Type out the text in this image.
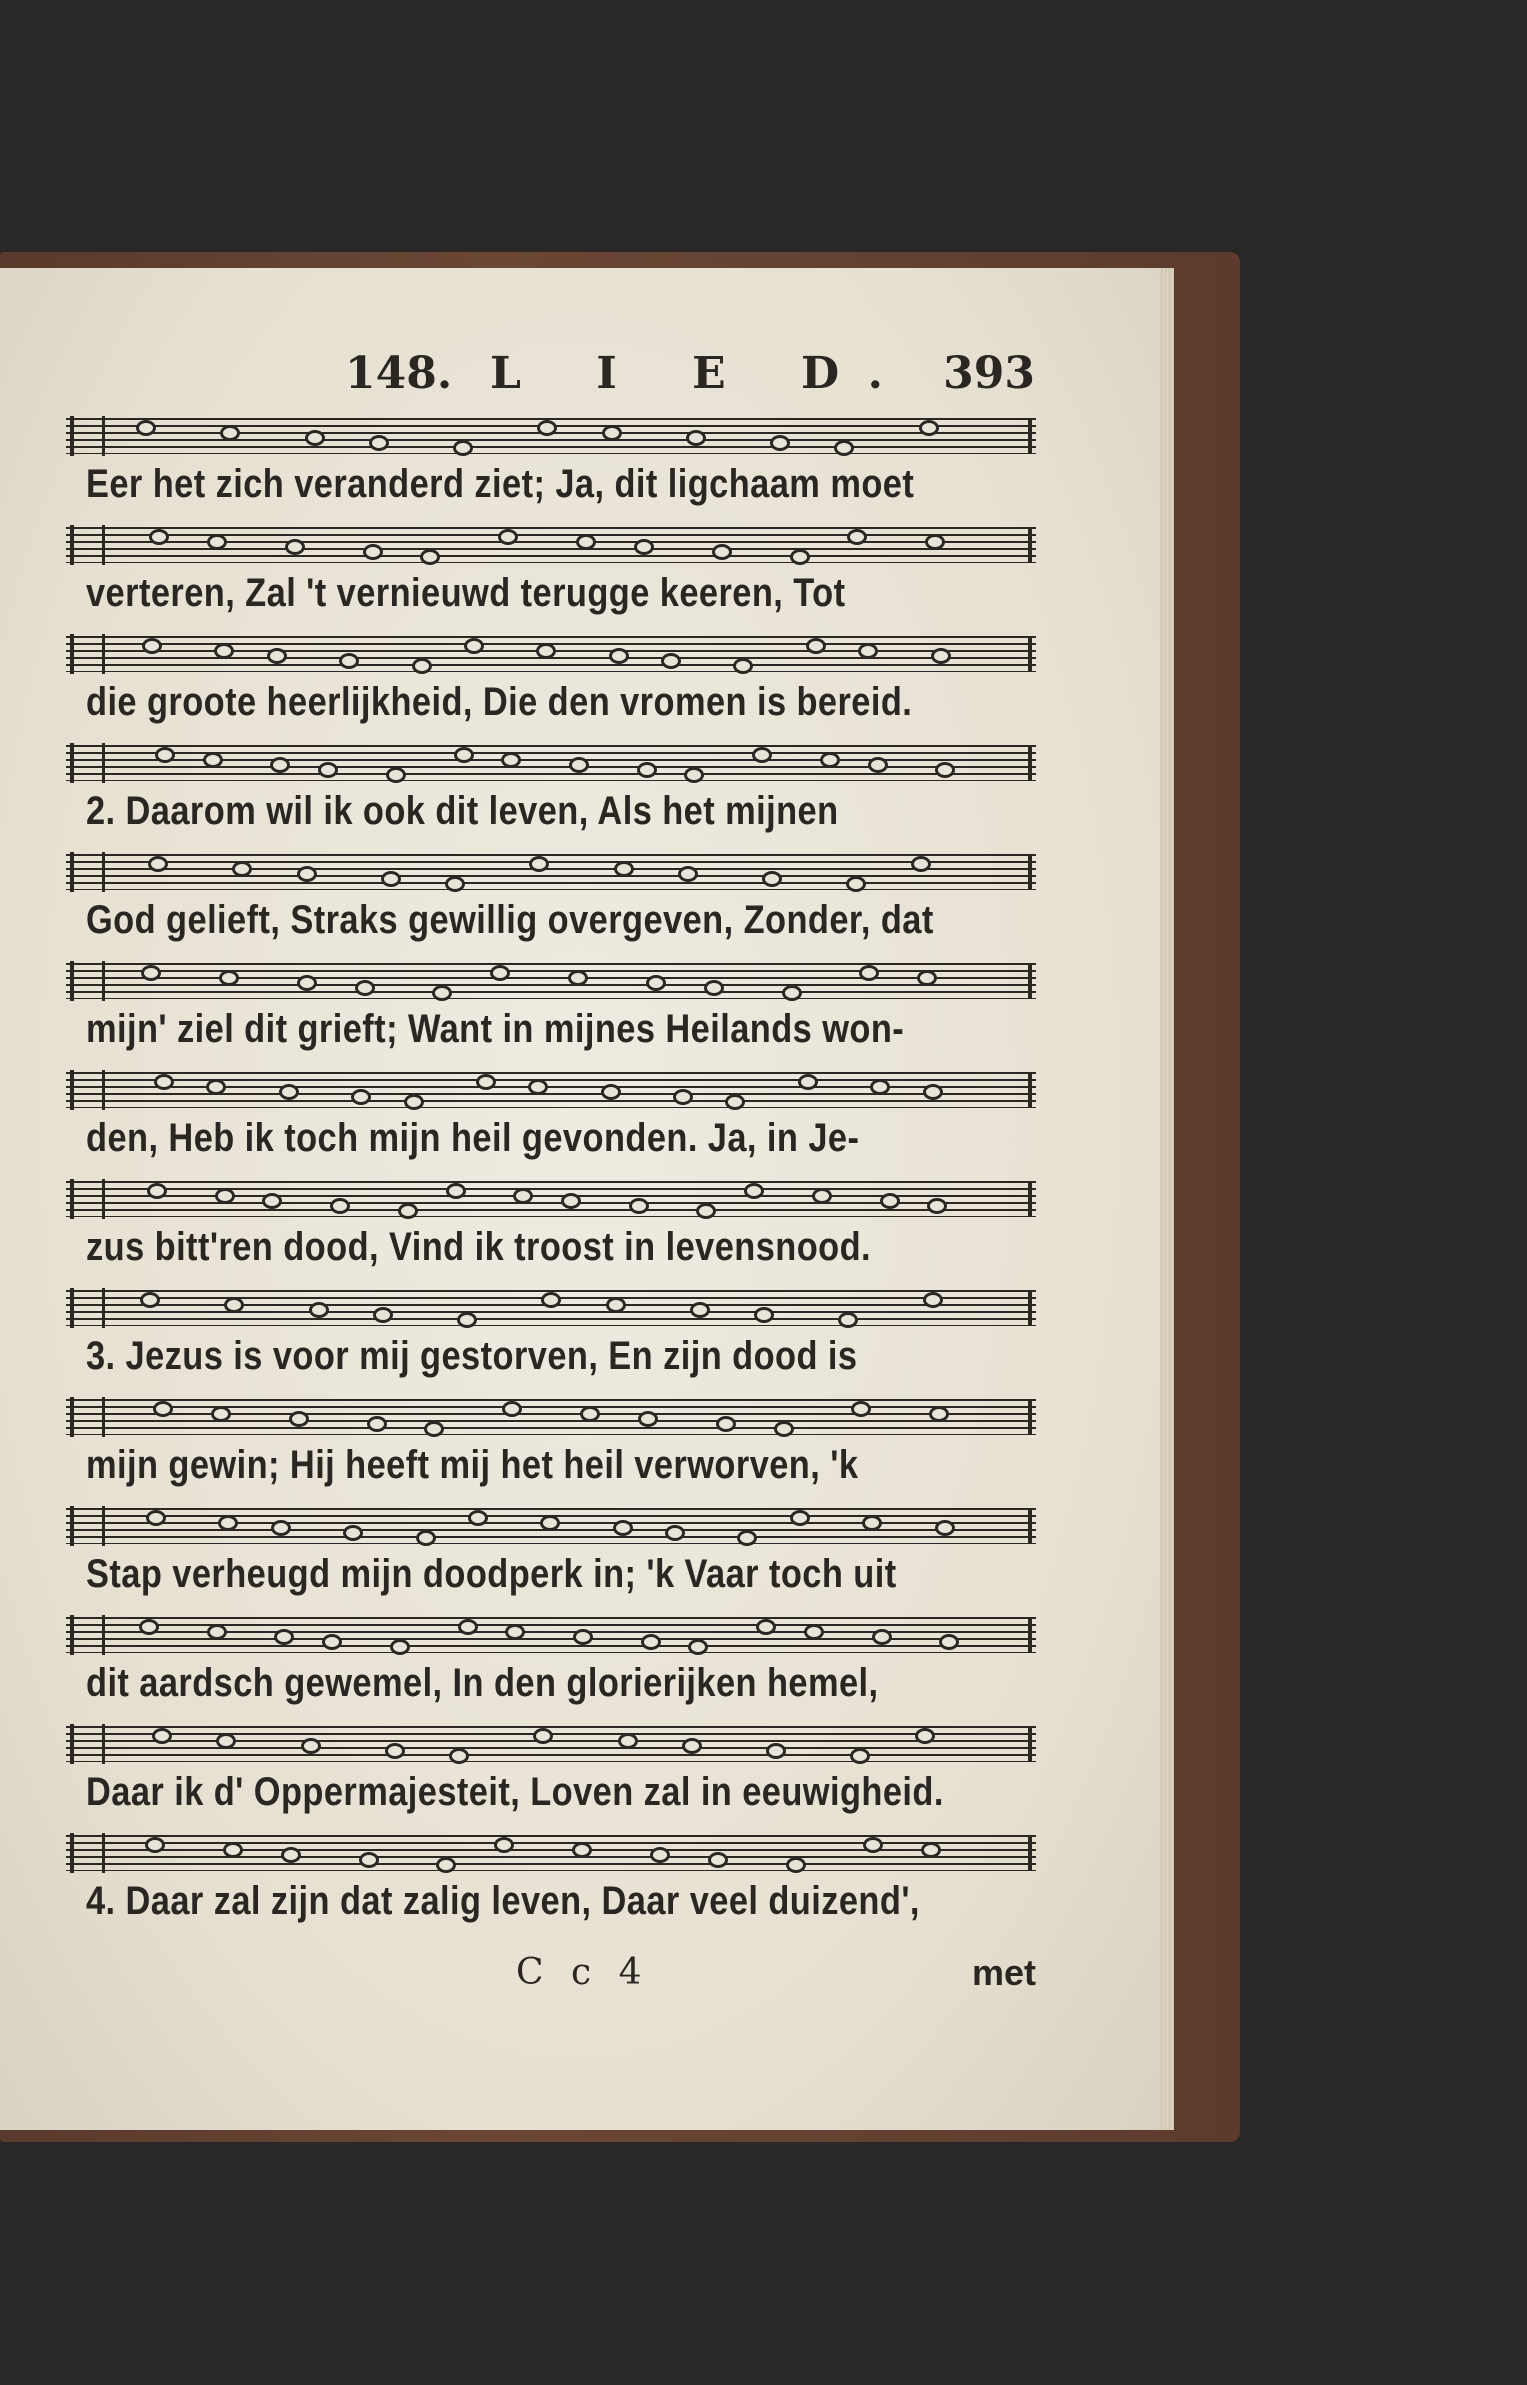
148. L I E D. 393
Eer het zich veranderd ziet; Ja, dit ligchaam moet
verteren, Zal 't vernieuwd terugge keeren, Tot
die groote heerlijkheid, Die den vromen is bereid.
2. Daarom wil ik ook dit leven, Als het mijnen
God gelieft, Straks gewillig overgeven, Zonder, dat
mijn' ziel dit grieft; Want in mijnes Heilands won-
den, Heb ik toch mijn heil gevonden. Ja, in Je-
zus bitt'ren dood, Vind ik troost in levensnood.
3. Jezus is voor mij gestorven, En zijn dood is
mijn gewin; Hij heeft mij het heil verworven, 'k
Stap verheugd mijn doodperk in; 'k Vaar toch uit
dit aardsch gewemel, In den glorierijken hemel,
Daar ik d' Oppermajesteit, Loven zal in eeuwigheid.
4. Daar zal zijn dat zalig leven, Daar veel duizend',
C c 4	met
